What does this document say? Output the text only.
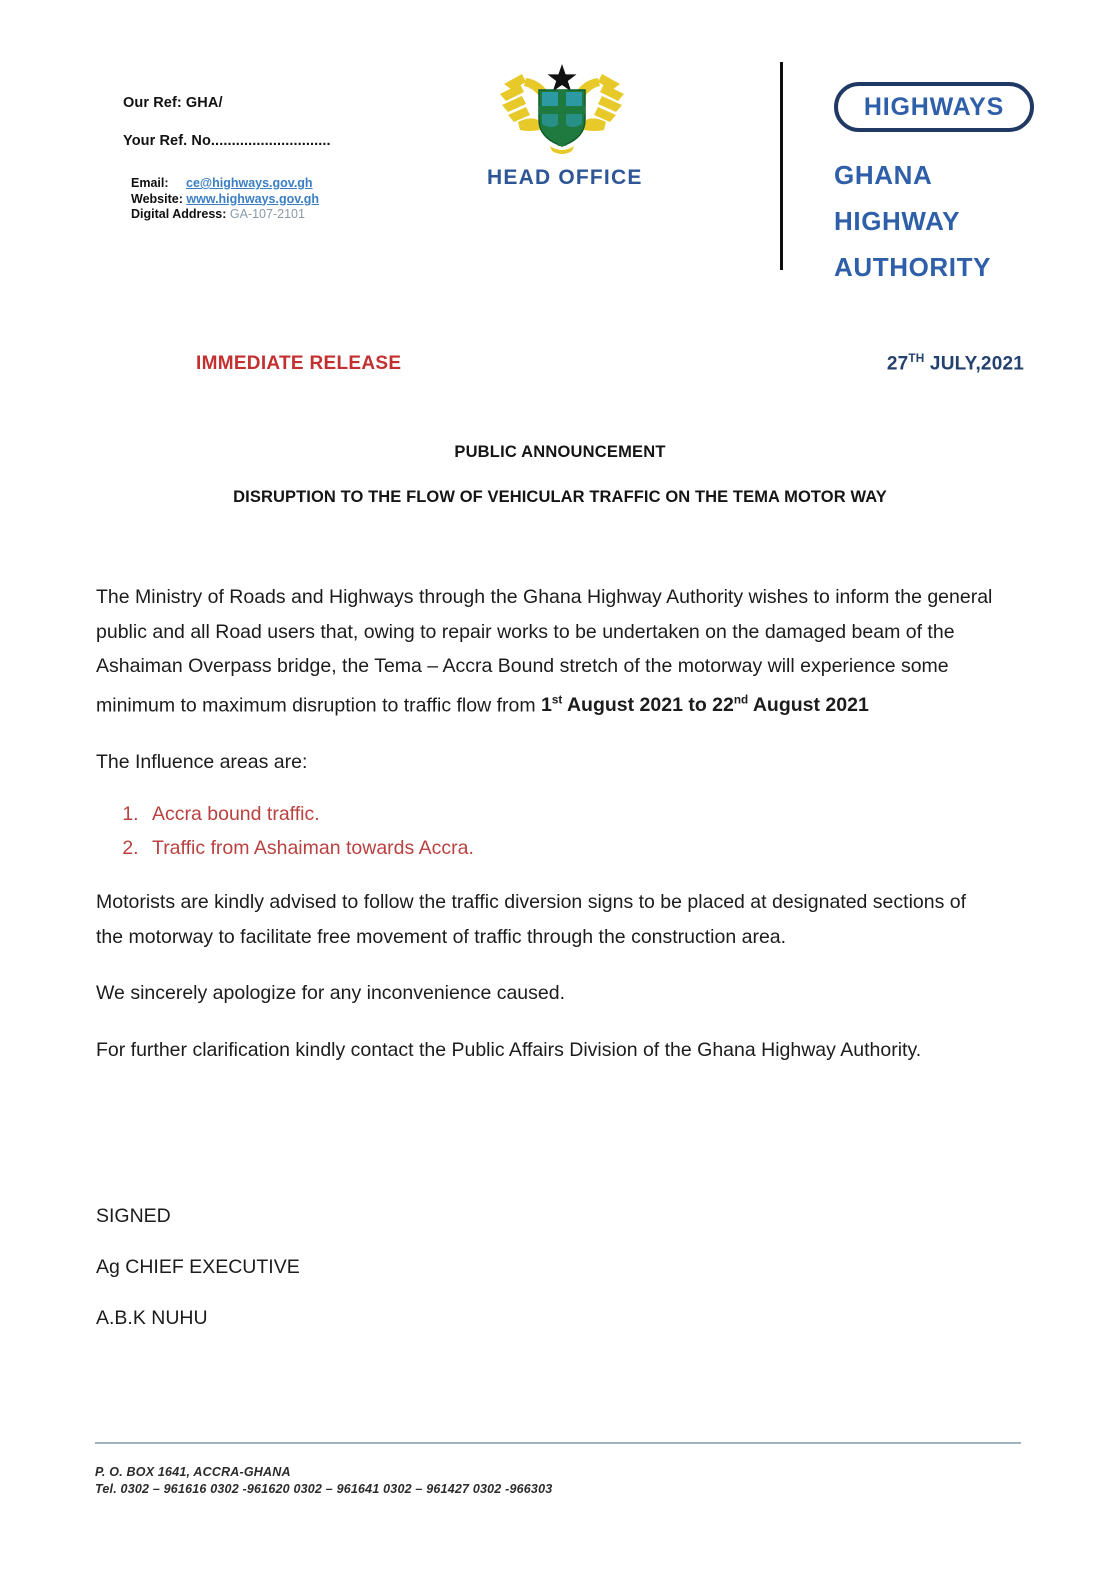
Our Ref: GHA/
Your Ref. No.............................
Email: ce@highways.gov.gh
Website: www.highways.gov.gh
Digital Address: GA-107-2101
HEAD OFFICE
HIGHWAYS
GHANA
HIGHWAY
AUTHORITY
IMMEDIATE RELEASE	27TH JULY,2021
PUBLIC ANNOUNCEMENT
DISRUPTION TO THE FLOW OF VEHICULAR TRAFFIC ON THE TEMA MOTOR WAY

The Ministry of Roads and Highways through the Ghana Highway Authority wishes to inform the general public and all Road users that, owing to repair works to be undertaken on the damaged beam of the Ashaiman Overpass bridge, the Tema – Accra Bound stretch of the motorway will experience some minimum to maximum disruption to traffic flow from 1st August 2021 to 22nd August 2021

The Influence areas are:

1. Accra bound traffic.
2. Traffic from Ashaiman towards Accra.

Motorists are kindly advised to follow the traffic diversion signs to be placed at designated sections of the motorway to facilitate free movement of traffic through the construction area.

We sincerely apologize for any inconvenience caused.

For further clarification kindly contact the Public Affairs Division of the Ghana Highway Authority.

SIGNED
Ag CHIEF EXECUTIVE
A.B.K NUHU
P. O. BOX 1641, ACCRA-GHANA
Tel. 0302 – 961616 0302 -961620 0302 – 961641 0302 – 961427 0302 -966303
